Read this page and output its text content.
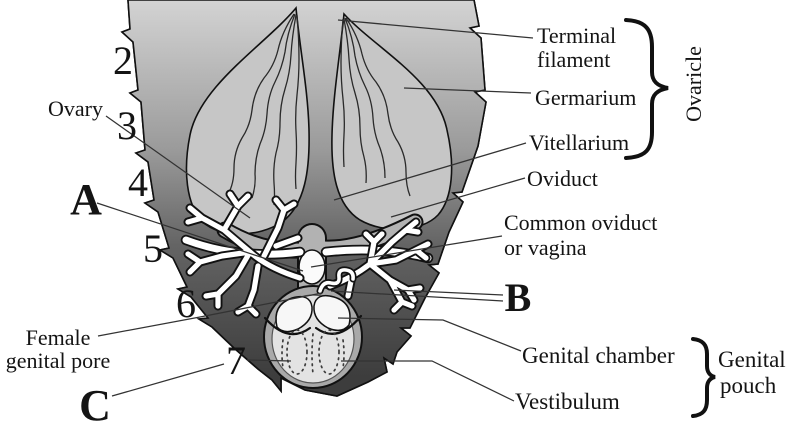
Ovary
Female
genital pore
2
3
4
5
6
7
A
C
Terminal
filament
Germarium
Vitellarium
Oviduct
Common oviduct
or vagina
B
Genital chamber
Vestibulum
Ovaricle
Genital
pouch
